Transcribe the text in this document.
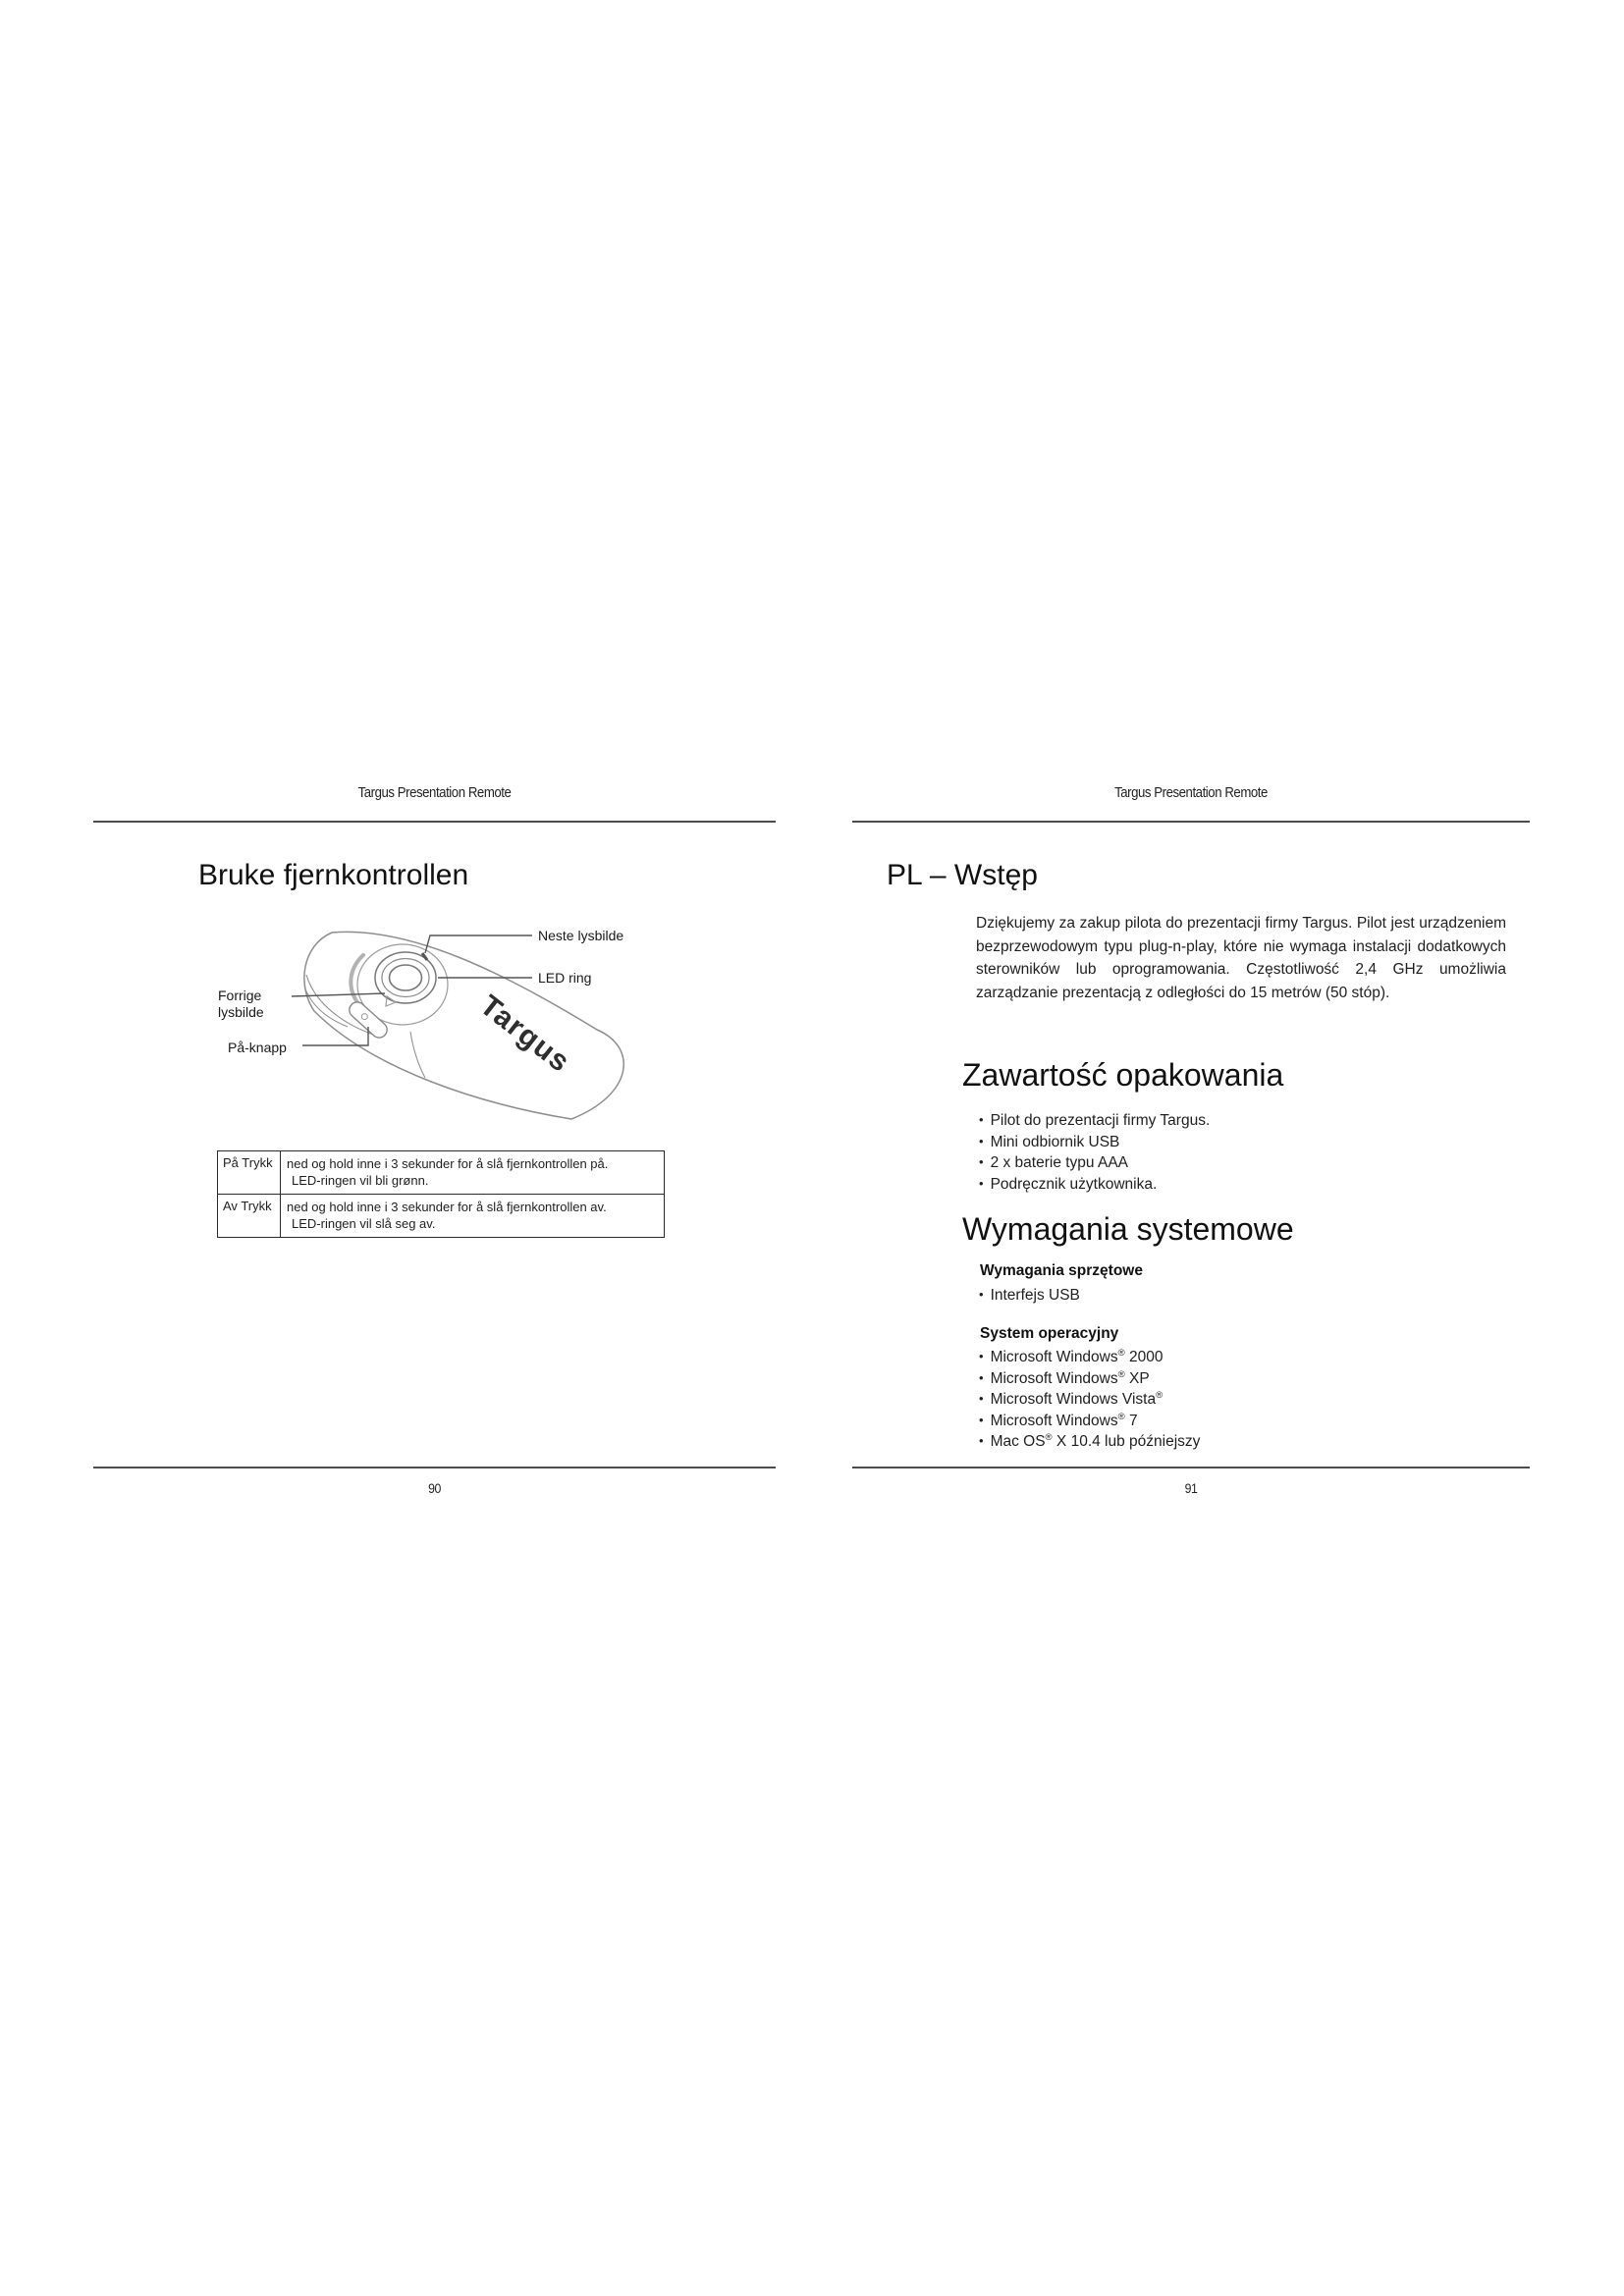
Targus Presentation Remote
Bruke fjernkontrollen
Targus
Neste lysbilde
LED ring
Forrige
lysbilde
På-knapp
På Trykk	ned og hold inne i 3 sekunder for å slå fjernkontrollen på.
LED-ringen vil bli grønn.
Av Trykk	ned og hold inne i 3 sekunder for å slå fjernkontrollen av.
LED-ringen vil slå seg av.
90
Targus Presentation Remote
PL – Wstęp
Dziękujemy za zakup pilota do prezentacji firmy Targus. Pilot jest urządzeniem bezprzewodowym typu plug-n-play, które nie wymaga instalacji dodatkowych sterowników lub oprogramowania. Częstotliwość 2,4 GHz umożliwia zarządzanie prezentacją z odległości do 15 metrów (50 stóp).
Zawartość opakowania
• Pilot do prezentacji firmy Targus.
• Mini odbiornik USB
• 2 x baterie typu AAA
• Podręcznik użytkownika.
Wymagania systemowe
Wymagania sprzętowe
• Interfejs USB
System operacyjny
• Microsoft Windows® 2000
• Microsoft Windows® XP
• Microsoft Windows Vista®
• Microsoft Windows® 7
• Mac OS® X 10.4 lub późniejszy
91
